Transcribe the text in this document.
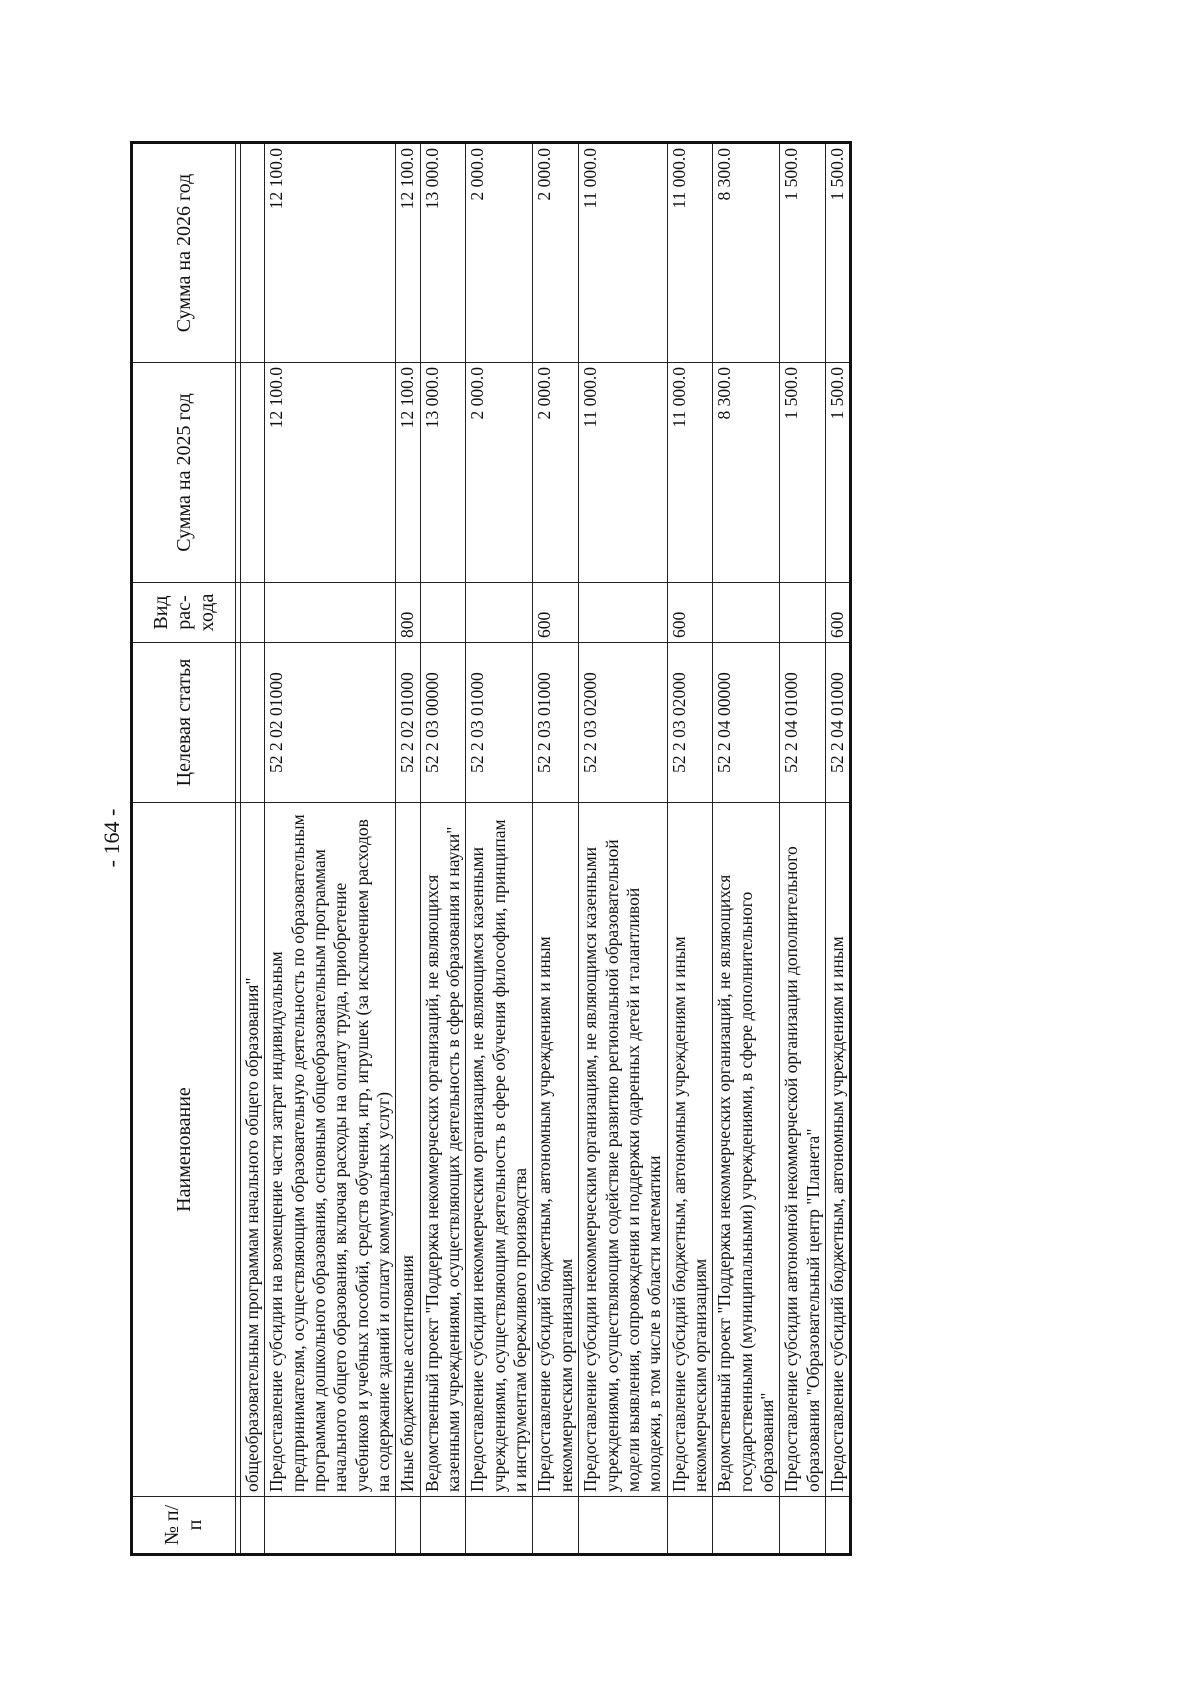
- 164 -
№ п/п	Наименование	Целевая статья	Вид рас-хода	Сумма на 2025 год	Сумма на 2026 год

	общеобразовательным программам начального общего образования"				
	Предоставление субсидии на возмещение части затрат индивидуальным предпринимателям, осуществляющим образовательную деятельность по образовательным программам дошкольного образования, основным общеобразовательным программам начального общего образования, включая расходы на оплату труда, приобретение учебников и учебных пособий, средств обучения, игр, игрушек (за исключением расходов на содержание зданий и оплату коммунальных услуг)	52 2 02 01000		12 100.0	12 100.0
	Иные бюджетные ассигнования	52 2 02 01000	800	12 100.0	12 100.0
	Ведомственный проект "Поддержка некоммерческих организаций, не являющихся казенными учреждениями, осуществляющих деятельность в сфере образования и науки"	52 2 03 00000		13 000.0	13 000.0
	Предоставление субсидии некоммерческим организациям, не являющимся казенными учреждениями, осуществляющим деятельность в сфере обучения философии, принципам и инструментам бережливого производства	52 2 03 01000		2 000.0	2 000.0
	Предоставление субсидий бюджетным, автономным учреждениям и иным некоммерческим организациям	52 2 03 01000	600	2 000.0	2 000.0
	Предоставление субсидии некоммерческим организациям, не являющимся казенными учреждениями, осуществляющим содействие развитию региональной образовательной модели выявления, сопровождения и поддержки одаренных детей и талантливой молодежи, в том числе в области математики	52 2 03 02000		11 000.0	11 000.0
	Предоставление субсидий бюджетным, автономным учреждениям и иным некоммерческим организациям	52 2 03 02000	600	11 000.0	11 000.0
	Ведомственный проект "Поддержка некоммерческих организаций, не являющихся государственными (муниципальными) учреждениями, в сфере дополнительного образования"	52 2 04 00000		8 300.0	8 300.0
	Предоставление субсидии автономной некоммерческой организации дополнительного образования "Образовательный центр "Планета"	52 2 04 01000		1 500.0	1 500.0
	Предоставление субсидий бюджетным, автономным учреждениям и иным	52 2 04 01000	600	1 500.0	1 500.0
